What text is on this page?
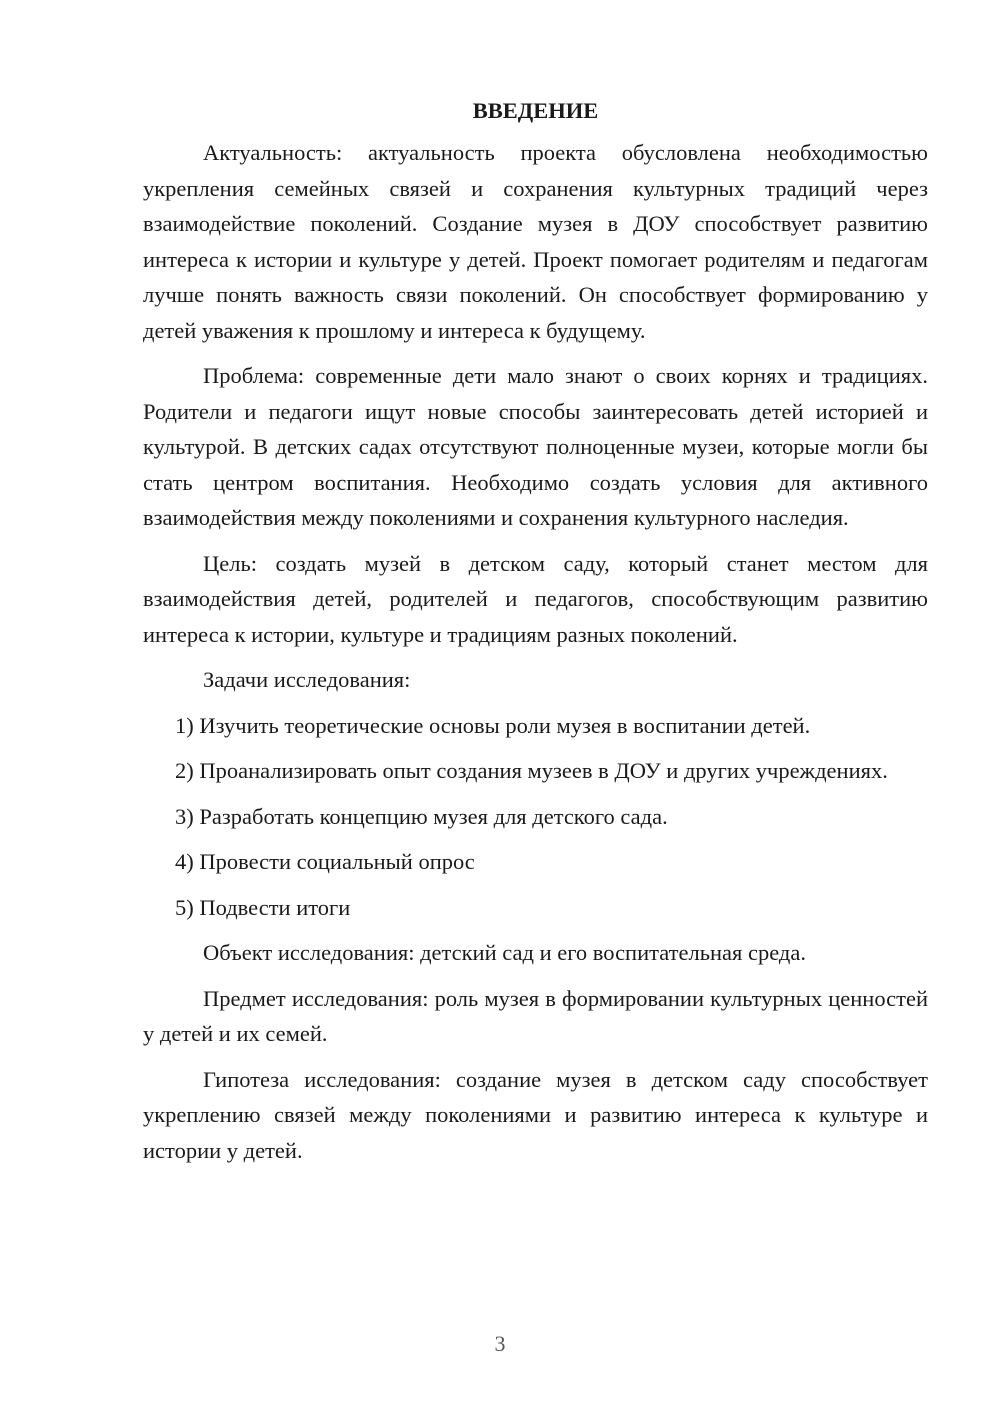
ВВЕДЕНИЕ

Актуальность: актуальность проекта обусловлена необходимостью укрепления семейных связей и сохранения культурных традиций через взаимодействие поколений. Создание музея в ДОУ способствует развитию интереса к истории и культуре у детей. Проект помогает родителям и педагогам лучше понять важность связи поколений. Он способствует формированию у детей уважения к прошлому и интереса к будущему.

Проблема: современные дети мало знают о своих корнях и традициях. Родители и педагоги ищут новые способы заинтересовать детей историей и культурой. В детских садах отсутствуют полноценные музеи, которые могли бы стать центром воспитания. Необходимо создать условия для активного взаимодействия между поколениями и сохранения культурного наследия.

Цель: создать музей в детском саду, который станет местом для взаимодействия детей, родителей и педагогов, способствующим развитию интереса к истории, культуре и традициям разных поколений.

Задачи исследования:

1) Изучить теоретические основы роли музея в воспитании детей.

2) Проанализировать опыт создания музеев в ДОУ и других учреждениях.

3) Разработать концепцию музея для детского сада.

4) Провести социальный опрос

5) Подвести итоги

Объект исследования: детский сад и его воспитательная среда.

Предмет исследования: роль музея в формировании культурных ценностей у детей и их семей.

Гипотеза исследования: создание музея в детском саду способствует укреплению связей между поколениями и развитию интереса к культуре и истории у детей.

3
